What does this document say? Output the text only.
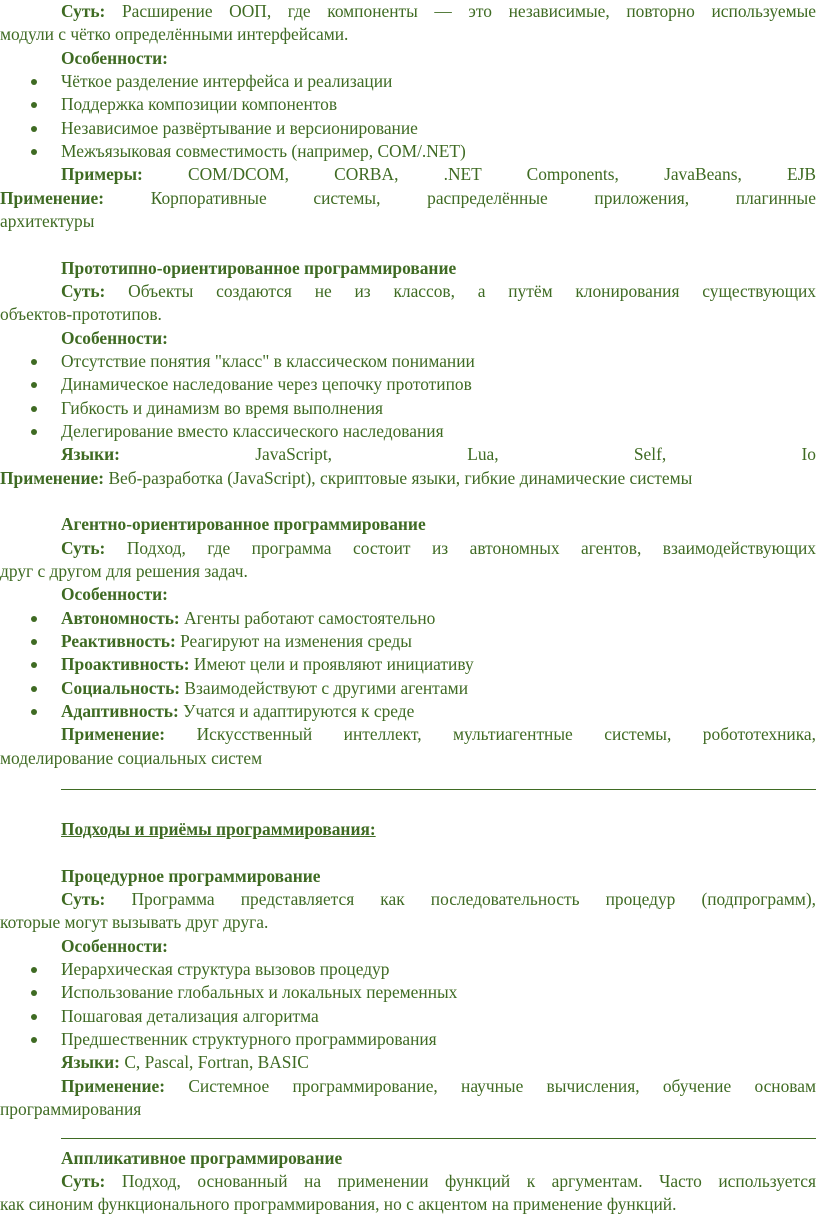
Суть: Расширение ООП, где компоненты — это независимые, повторно используемые
модули с чётко определёнными интерфейсами.
Особенности:
Чёткое разделение интерфейса и реализации
Поддержка композиции компонентов
Независимое развёртывание и версионирование
Межъязыковая совместимость (например, COM/.NET)
Примеры:	COM/DCOM,	CORBA,	.NET	Components,	JavaBeans,	EJB
Применение:	Корпоративные	системы,	распределённые	приложения,	плагинные
архитектуры
Прототипно-ориентированное программирование
Суть: Объекты создаются не из классов, а путём клонирования существующих
объектов-прототипов.
Особенности:
Отсутствие понятия "класс" в классическом понимании
Динамическое наследование через цепочку прототипов
Гибкость и динамизм во время выполнения
Делегирование вместо классического наследования
Языки:	JavaScript,	Lua,	Self,	Io
Применение: Веб-разработка (JavaScript), скриптовые языки, гибкие динамические системы
Агентно-ориентированное программирование
Суть: Подход, где программа состоит из автономных агентов, взаимодействующих
друг с другом для решения задач.
Особенности:
Автономность: Агенты работают самостоятельно
Реактивность: Реагируют на изменения среды
Проактивность: Имеют цели и проявляют инициативу
Социальность: Взаимодействуют с другими агентами
Адаптивность: Учатся и адаптируются к среде
Применение: Искусственный интеллект, мультиагентные системы, робототехника,
моделирование социальных систем
Подходы и приёмы программирования:
Процедурное программирование
Суть: Программа представляется как последовательность процедур (подпрограмм),
которые могут вызывать друг друга.
Особенности:
Иерархическая структура вызовов процедур
Использование глобальных и локальных переменных
Пошаговая детализация алгоритма
Предшественник структурного программирования
Языки: C, Pascal, Fortran, BASIC
Применение: Системное программирование, научные вычисления, обучение основам
программирования
Аппликативное программирование
Суть: Подход, основанный на применении функций к аргументам. Часто используется
как синоним функционального программирования, но с акцентом на применение функций.
